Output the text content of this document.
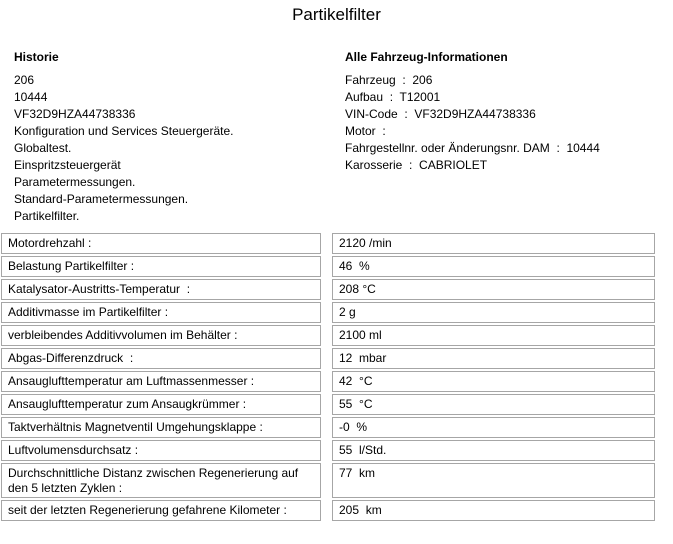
Partikelfilter
Historie
206
10444
VF32D9HZA44738336
Konfiguration und Services Steuergeräte.
Globaltest.
Einspritzsteuergerät
Parametermessungen.
Standard-Parametermessungen.
Partikelfilter.
Alle Fahrzeug-Informationen
Fahrzeug  :  206
Aufbau  :  T12001
VIN-Code  :  VF32D9HZA44738336
Motor  :
Fahrgestellnr. oder Änderungsnr. DAM  :  10444
Karosserie  :  CABRIOLET
Motordrehzahl :	2120 /min
Belastung Partikelfilter :	46  %
Katalysator-Austritts-Temperatur  :	208 °C
Additivmasse im Partikelfilter :	2 g
verbleibendes Additivvolumen im Behälter :	2100 ml
Abgas-Differenzdruck  :	12  mbar
Ansauglufttemperatur am Luftmassenmesser :	42  °C
Ansauglufttemperatur zum Ansaugkrümmer :	55  °C
Taktverhältnis Magnetventil Umgehungsklappe :	-0  %
Luftvolumensdurchsatz :	55  l/Std.
Durchschnittliche Distanz zwischen Regenerierung auf den 5 letzten Zyklen :
77  km
seit der letzten Regenerierung gefahrene Kilometer :	205  km
